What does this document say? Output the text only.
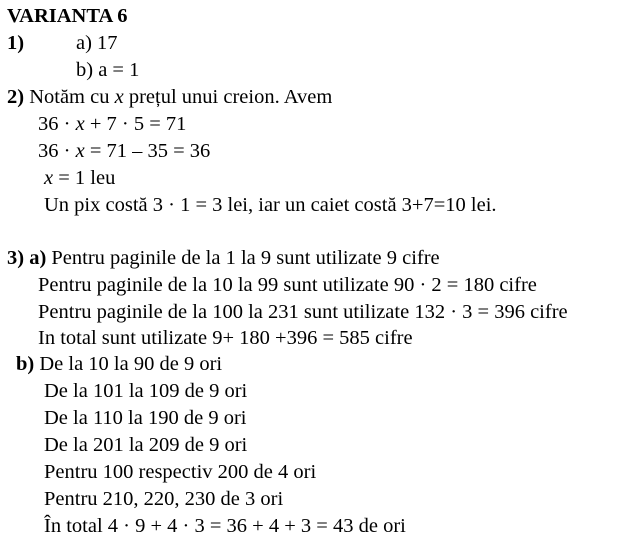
VARIANTA 6
1)	a) 17
b) a = 1
2) Notăm cu x prețul unui creion. Avem
36 · x + 7 · 5 = 71
36 · x = 71 – 35 = 36
x = 1 leu
Un pix costă 3 · 1 = 3 lei, iar un caiet costă 3+7=10 lei.
3) a) Pentru paginile de la 1 la 9 sunt utilizate 9 cifre
Pentru paginile de la 10 la 99 sunt utilizate 90 · 2 = 180 cifre
Pentru paginile de la 100 la 231 sunt utilizate 132 · 3 = 396 cifre
In total sunt utilizate 9+ 180 +396 = 585 cifre
b) De la 10 la 90 de 9 ori
De la 101 la 109 de 9 ori
De la 110 la 190 de 9 ori
De la 201 la 209 de 9 ori
Pentru 100 respectiv 200 de 4 ori
Pentru 210, 220, 230 de 3 ori
În total 4 · 9 + 4 · 3 = 36 + 4 + 3 = 43 de ori
